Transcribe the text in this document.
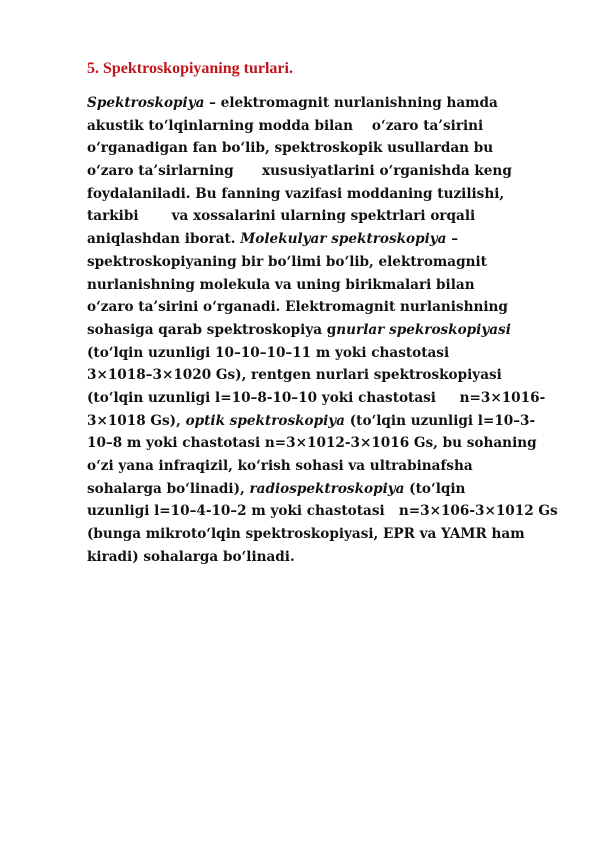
5. Spektroskopiyaning turlari.
Spektroskopiya – elektromagnit nurlanishning hamda
akustik to‘lqinlarning modda bilan    o‘zaro ta’sirini
o‘rganadigan fan bo‘lib, spektroskopik usullardan bu
o‘zaro ta’sirlarning      xususiyatlarini o‘rganishda keng
foydalaniladi. Bu fanning vazifasi moddaning tuzilishi,
tarkibi       va xossalarini ularning spektrlari orqali
aniqlashdan iborat. Molekulyar spektroskopiya –
spektroskopiyaning bir bo‘limi bo‘lib, elektromagnit
nurlanishning molekula va uning birikmalari bilan
o‘zaro ta’sirini o‘rganadi. Elektromagnit nurlanishning
sohasiga qarab spektroskopiya gnurlar spekroskopiyasi
(to‘lqin uzunligi 10–10–10–11 m yoki chastotasi
3×1018–3×1020 Gs), rentgen nurlari spektroskopiyasi
(to‘lqin uzunligi l=10–8-10–10 yoki chastotasi     n=3×1016-
3×1018 Gs), optik spektroskopiya (to‘lqin uzunligi l=10–3-
10–8 m yoki chastotasi n=3×1012-3×1016 Gs, bu sohaning
o‘zi yana infraqizil, ko‘rish sohasi va ultrabinafsha
sohalarga bo‘linadi), radiospektroskopiya (to‘lqin
uzunligi l=10–4-10–2 m yoki chastotasi   n=3×106-3×1012 Gs
(bunga mikroto‘lqin spektroskopiyasi, EPR va YAMR ham
kiradi) sohalarga bo‘linadi.
